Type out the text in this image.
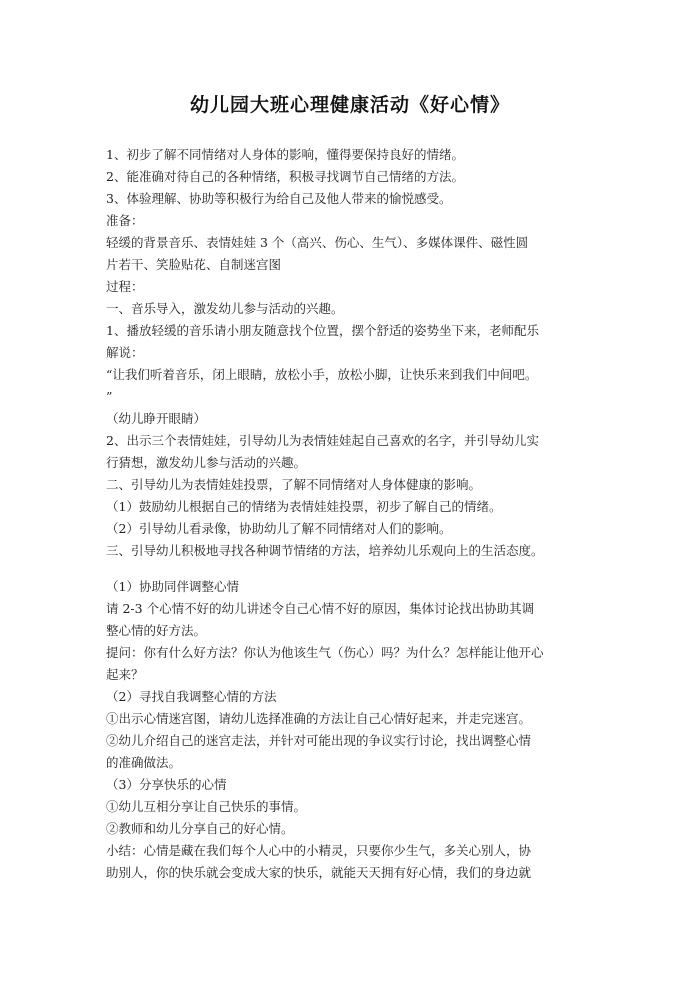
幼儿园大班心理健康活动《好心情》
1、初步了解不同情绪对人身体的影响，懂得要保持良好的情绪。
2、能准确对待自己的各种情绪，积极寻找调节自己情绪的方法。
3、体验理解、协助等积极行为给自己及他人带来的愉悦感受。
准备：
轻缓的背景音乐、表情娃娃 3 个（高兴、伤心、生气）、多媒体课件、磁性圆
片若干、笑脸贴花、自制迷宫图
过程：
一、音乐导入，激发幼儿参与活动的兴趣。
1、播放轻缓的音乐请小朋友随意找个位置，摆个舒适的姿势坐下来，老师配乐
解说：
“让我们听着音乐，闭上眼睛，放松小手，放松小脚，让快乐来到我们中间吧。
”
（幼儿睁开眼睛）
2、出示三个表情娃娃，引导幼儿为表情娃娃起自己喜欢的名字，并引导幼儿实
行猜想，激发幼儿参与活动的兴趣。
二、引导幼儿为表情娃娃投票，了解不同情绪对人身体健康的影响。
（1）鼓励幼儿根据自己的情绪为表情娃娃投票，初步了解自己的情绪。
（2）引导幼儿看录像，协助幼儿了解不同情绪对人们的影响。
三、引导幼儿积极地寻找各种调节情绪的方法，培养幼儿乐观向上的生活态度。
（1）协助同伴调整心情
请 2-3 个心情不好的幼儿讲述令自己心情不好的原因，集体讨论找出协助其调
整心情的好方法。
提问：你有什么好方法？你认为他该生气（伤心）吗？为什么？怎样能让他开心
起来？
（2）寻找自我调整心情的方法
①出示心情迷宫图，请幼儿选择准确的方法让自己心情好起来，并走完迷宫。
②幼儿介绍自己的迷宫走法，并针对可能出现的争议实行讨论，找出调整心情
的准确做法。
（3）分享快乐的心情
①幼儿互相分享让自己快乐的事情。
②教师和幼儿分享自己的好心情。
小结：心情是藏在我们每个人心中的小精灵，只要你少生气，多关心别人，协
助别人，你的快乐就会变成大家的快乐，就能天天拥有好心情，我们的身边就
